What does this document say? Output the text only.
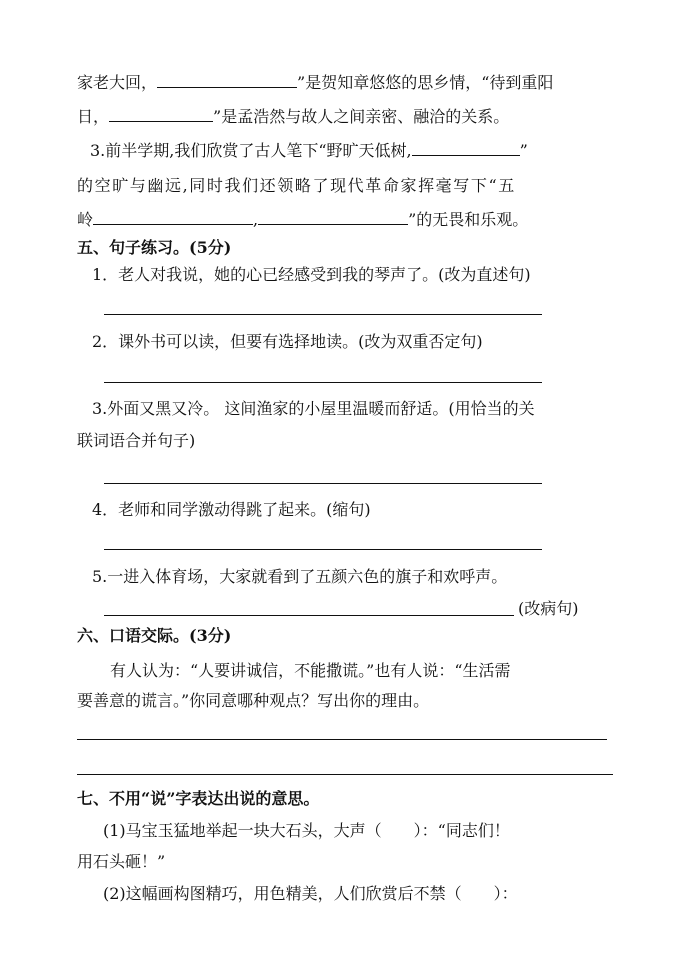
家老大回，	”是贺知章悠悠的思乡情，“待到重阳
日，	”是孟浩然与故人之间亲密、融洽的关系。
3.前半学期,我们欣赏了古人笔下“野旷天低树,	”
的空旷与幽远,同时我们还领略了现代革命家挥毫写下“五
岭	,	”的无畏和乐观。
五、句子练习。(5分)
1．老人对我说，她的心已经感受到我的琴声了。(改为直述句)
2．课外书可以读，但要有选择地读。(改为双重否定句)
3.外面又黑又冷。 这间渔家的小屋里温暖而舒适。(用恰当的关
联词语合并句子)
4．老师和同学激动得跳了起来。(缩句)
5.一进入体育场，大家就看到了五颜六色的旗子和欢呼声。
(改病句)
六、口语交际。(3分)
有人认为：“人要讲诚信，不能撒谎。”也有人说：“生活需
要善意的谎言。”你同意哪种观点？写出你的理由。
七、不用“说”字表达出说的意思。
(1)马宝玉猛地举起一块大石头，大声（　　）：“同志们！
用石头砸！”
(2)这幅画构图精巧，用色精美，人们欣赏后不禁（　　）：
